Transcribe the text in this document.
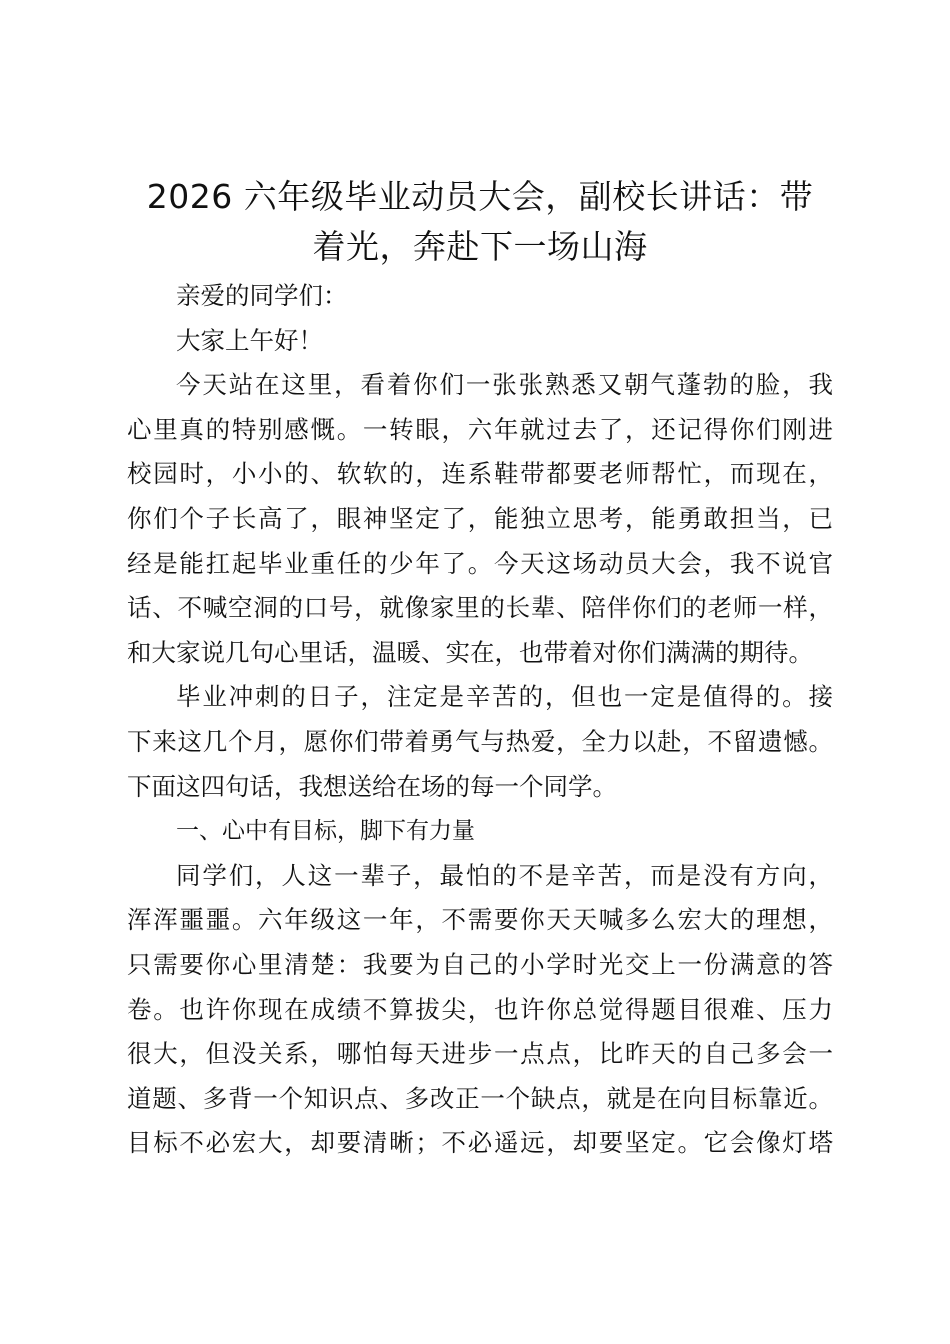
2026 六年级毕业动员大会，副校长讲话：带
着光，奔赴下一场山海

亲爱的同学们：

大家上午好！

今天站在这里，看着你们一张张熟悉又朝气蓬勃的脸，我
心里真的特别感慨。一转眼，六年就过去了，还记得你们刚进
校园时，小小的、软软的，连系鞋带都要老师帮忙，而现在，
你们个子长高了，眼神坚定了，能独立思考，能勇敢担当，已
经是能扛起毕业重任的少年了。今天这场动员大会，我不说官
话、不喊空洞的口号，就像家里的长辈、陪伴你们的老师一样，
和大家说几句心里话，温暖、实在，也带着对你们满满的期待。
毕业冲刺的日子，注定是辛苦的，但也一定是值得的。接
下来这几个月，愿你们带着勇气与热爱，全力以赴，不留遗憾。
下面这四句话，我想送给在场的每一个同学。

一、心中有目标，脚下有力量

同学们，人这一辈子，最怕的不是辛苦，而是没有方向，
浑浑噩噩。六年级这一年，不需要你天天喊多么宏大的理想，
只需要你心里清楚：我要为自己的小学时光交上一份满意的答
卷。也许你现在成绩不算拔尖，也许你总觉得题目很难、压力
很大，但没关系，哪怕每天进步一点点，比昨天的自己多会一
道题、多背一个知识点、多改正一个缺点，就是在向目标靠近。
目标不必宏大，却要清晰；不必遥远，却要坚定。它会像灯塔
